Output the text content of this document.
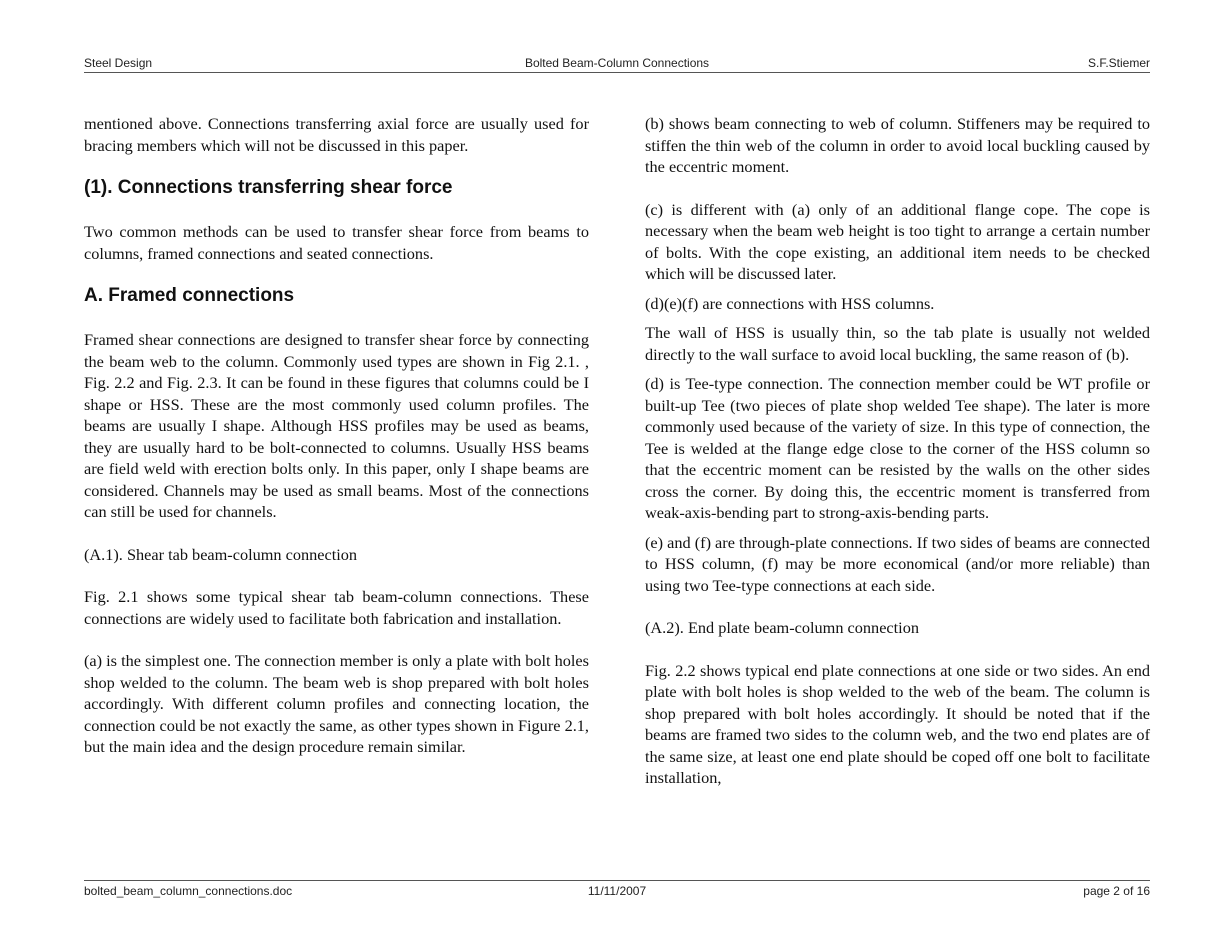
Steel Design	Bolted Beam-Column Connections	S.F.Stiemer

mentioned above. Connections transferring axial force are usually used for bracing members which will not be discussed in this paper.

(1). Connections transferring shear force

Two common methods can be used to transfer shear force from beams to columns, framed connections and seated connections.

A. Framed connections

Framed shear connections are designed to transfer shear force by connecting the beam web to the column. Commonly used types are shown in Fig 2.1. , Fig. 2.2 and Fig. 2.3. It can be found in these figures that columns could be I shape or HSS. These are the most commonly used column profiles. The beams are usually I shape. Although HSS profiles may be used as beams, they are usually hard to be bolt-connected to columns. Usually HSS beams are field weld with erection bolts only. In this paper, only I shape beams are considered. Channels may be used as small beams. Most of the connections can still be used for channels.

(A.1). Shear tab beam-column connection

Fig. 2.1 shows some typical shear tab beam-column connections. These connections are widely used to facilitate both fabrication and installation.

(a) is the simplest one. The connection member is only a plate with bolt holes shop welded to the column. The beam web is shop prepared with bolt holes accordingly. With different column profiles and connecting location, the connection could be not exactly the same, as other types shown in Figure 2.1, but the main idea and the design procedure remain similar.

(b) shows beam connecting to web of column. Stiffeners may be required to stiffen the thin web of the column in order to avoid local buckling caused by the eccentric moment.

(c) is different with (a) only of an additional flange cope. The cope is necessary when the beam web height is too tight to arrange a certain number of bolts. With the cope existing, an additional item needs to be checked which will be discussed later.

(d)(e)(f) are connections with HSS columns.

The wall of HSS is usually thin, so the tab plate is usually not welded directly to the wall surface to avoid local buckling, the same reason of (b).

(d) is Tee-type connection. The connection member could be WT profile or built-up Tee (two pieces of plate shop welded Tee shape). The later is more commonly used because of the variety of size. In this type of connection, the Tee is welded at the flange edge close to the corner of the HSS column so that the eccentric moment can be resisted by the walls on the other sides cross the corner. By doing this, the eccentric moment is transferred from weak-axis-bending part to strong-axis-bending parts.

(e) and (f) are through-plate connections. If two sides of beams are connected to HSS column, (f) may be more economical (and/or more reliable) than using two Tee-type connections at each side.

(A.2). End plate beam-column connection

Fig. 2.2 shows typical end plate connections at one side or two sides. An end plate with bolt holes is shop welded to the web of the beam. The column is shop prepared with bolt holes accordingly. It should be noted that if the beams are framed two sides to the column web, and the two end plates are of the same size, at least one end plate should be coped off one bolt to facilitate installation,

bolted_beam_column_connections.doc	11/11/2007	page 2 of 16
